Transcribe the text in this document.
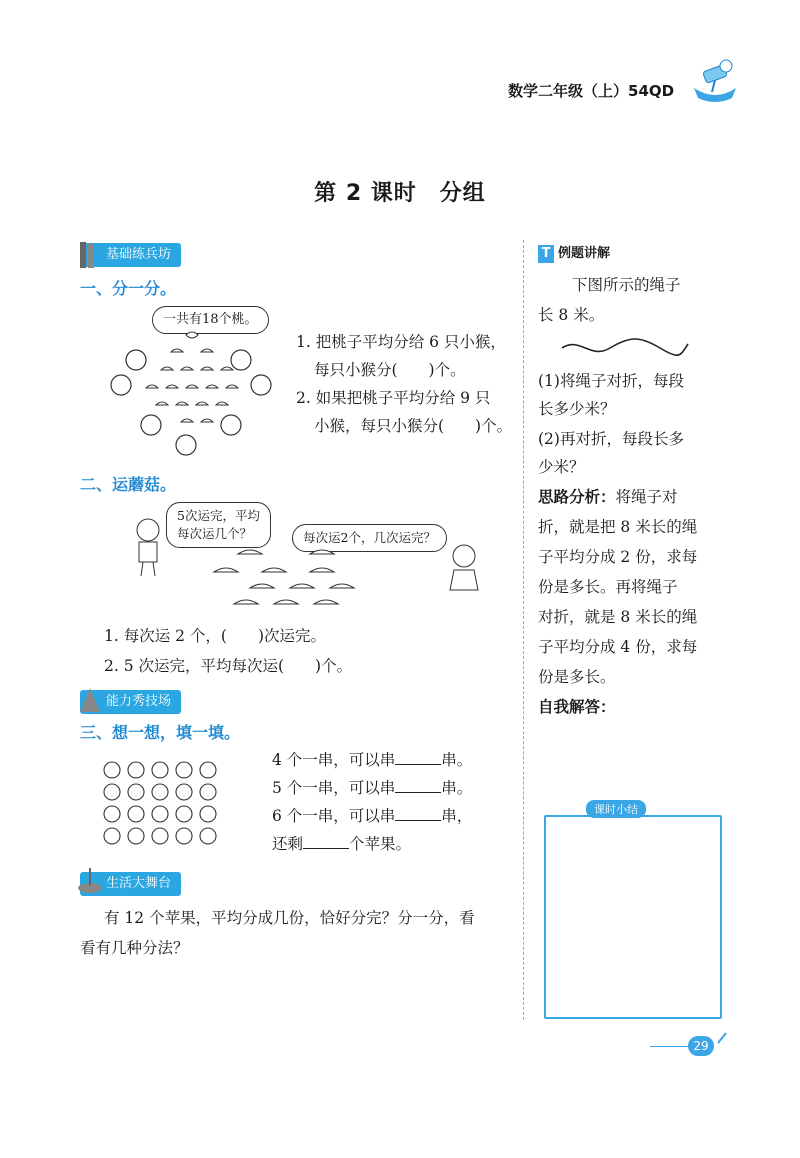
数学二年级（上）54QD
第 2 课时　分组
基础练兵坊
一、分一分。
一共有18个桃。
1. 把桃子平均分给 6 只小猴，
每只小猴分(　　)个。
2. 如果把桃子平均分给 9 只
小猴，每只小猴分(　　)个。
二、运蘑菇。
5次运完，平均
每次运几个？	每次运2个，几次运完？
1. 每次运 2 个，(　　)次运完。
2. 5 次运完，平均每次运(　　)个。
能力秀技场
三、想一想，填一填。
4 个一串，可以串	串。
5 个一串，可以串	串。
6 个一串，可以串	串，
还剩	个苹果。
生活大舞台
有 12 个苹果，平均分成几份，恰好分完？分一分，看
看有几种分法？
T 例题讲解
下图所示的绳子
长 8 米。
(1)将绳子对折，每段
长多少米？
(2)再对折，每段长多
少米？
思路分析：将绳子对
折，就是把 8 米长的绳
子平均分成 2 份，求每
份是多长。再将绳子
对折，就是 8 米长的绳
子平均分成 4 份，求每
份是多长。
自我解答：
课时小结
29
